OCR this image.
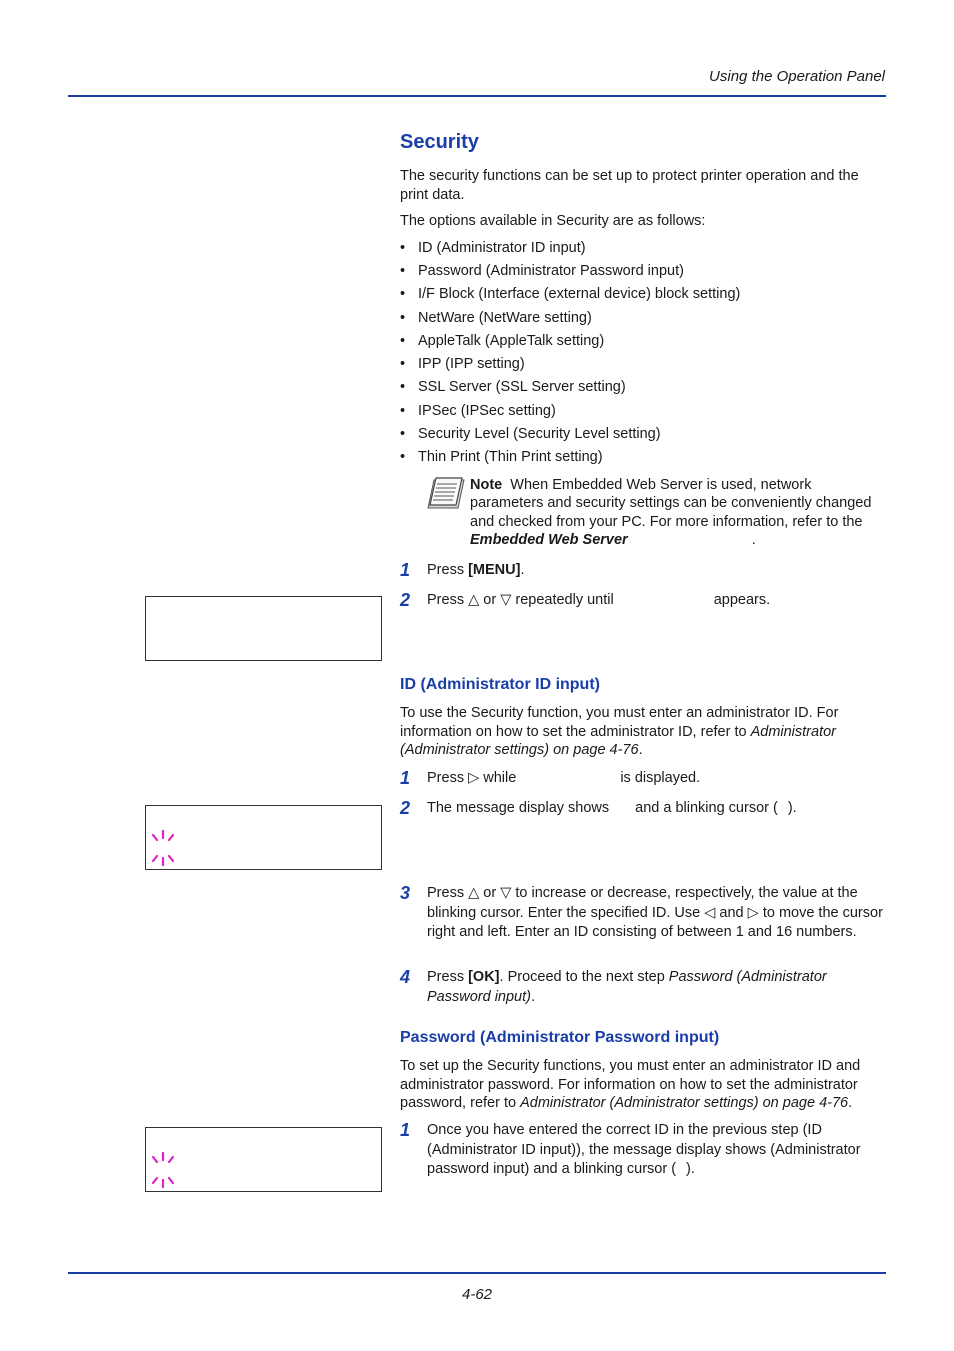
Using the Operation Panel
Security
The security functions can be set up to protect printer operation and the print data.
The options available in Security are as follows:
• ID (Administrator ID input)
• Password (Administrator Password input)
• I/F Block (Interface (external device) block setting)
• NetWare (NetWare setting)
• AppleTalk (AppleTalk setting)
• IPP (IPP setting)
• SSL Server (SSL Server setting)
• IPSec (IPSec setting)
• Security Level (Security Level setting)
• Thin Print (Thin Print setting)
Note When Embedded Web Server is used, network parameters and security settings can be conveniently changed and checked from your PC. For more information, refer to the Embedded Web Server	.
1 Press [MENU].
2 Press △ or ▽ repeatedly until	appears.
ID (Administrator ID input)
To use the Security function, you must enter an administrator ID. For information on how to set the administrator ID, refer to Administrator (Administrator settings) on page 4-76.
1 Press ▷ while	is displayed.
2 The message display shows and a blinking cursor ( ).
3 Press △ or ▽ to increase or decrease, respectively, the value at the blinking cursor. Enter the specified ID. Use ◁ and ▷ to move the cursor right and left. Enter an ID consisting of between 1 and 16 numbers.
4 Press [OK]. Proceed to the next step Password (Administrator Password input).
Password (Administrator Password input)
To set up the Security functions, you must enter an administrator ID and administrator password. For information on how to set the administrator password, refer to Administrator (Administrator settings) on page 4-76.
1 Once you have entered the correct ID in the previous step (ID (Administrator ID input)), the message display shows (Administrator password input) and a blinking cursor ( ).
4-62
